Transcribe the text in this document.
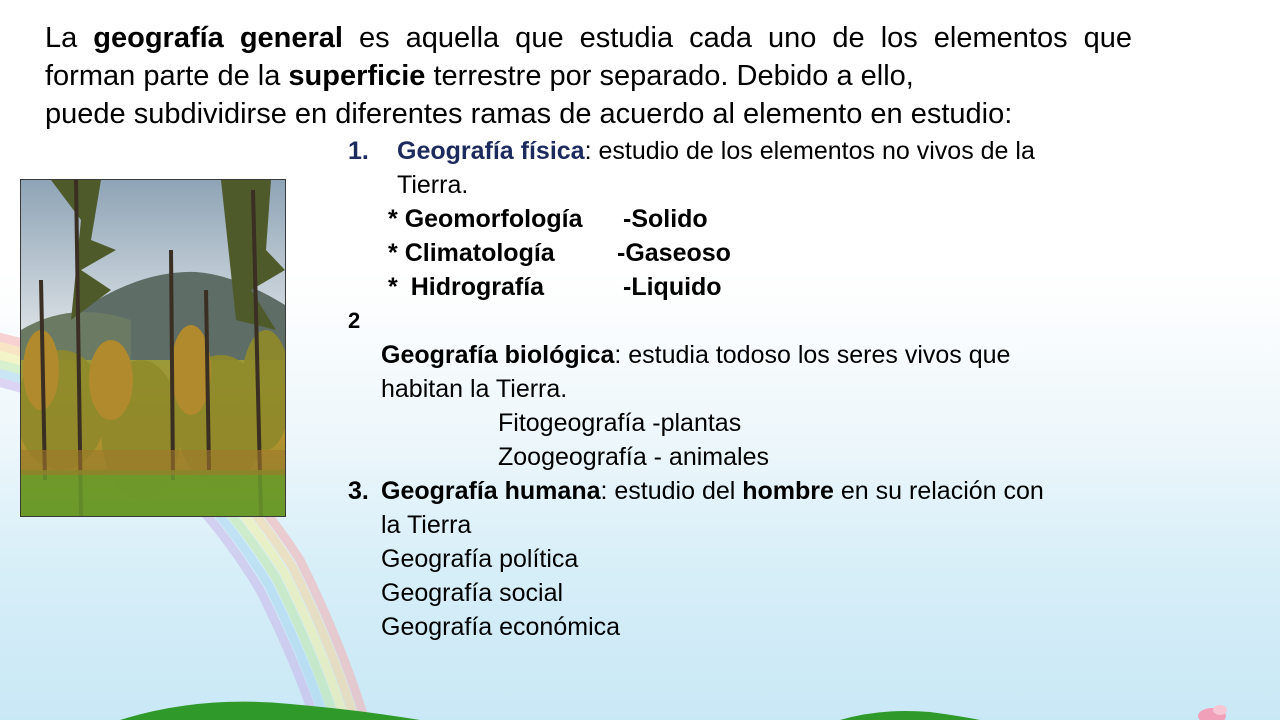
La geografía general es aquella que estudia cada uno de los elementos que forman parte de la superficie terrestre por separado. Debido a ello,
puede subdividirse en diferentes ramas de acuerdo al elemento en estudio:
1. Geografía física: estudio de los elementos no vivos de la
Tierra.
* Geomorfología -Solido
* Climatología -Gaseoso
* Hidrografía	-Liquido
2
Geografía biológica: estudia todoso los seres vivos que
habitan la Tierra.
Fitogeografía -plantas
Zoogeografía - animales
3. Geografía humana: estudio del hombre en su relación con
la Tierra
Geografía política
Geografía social
Geografía económica
